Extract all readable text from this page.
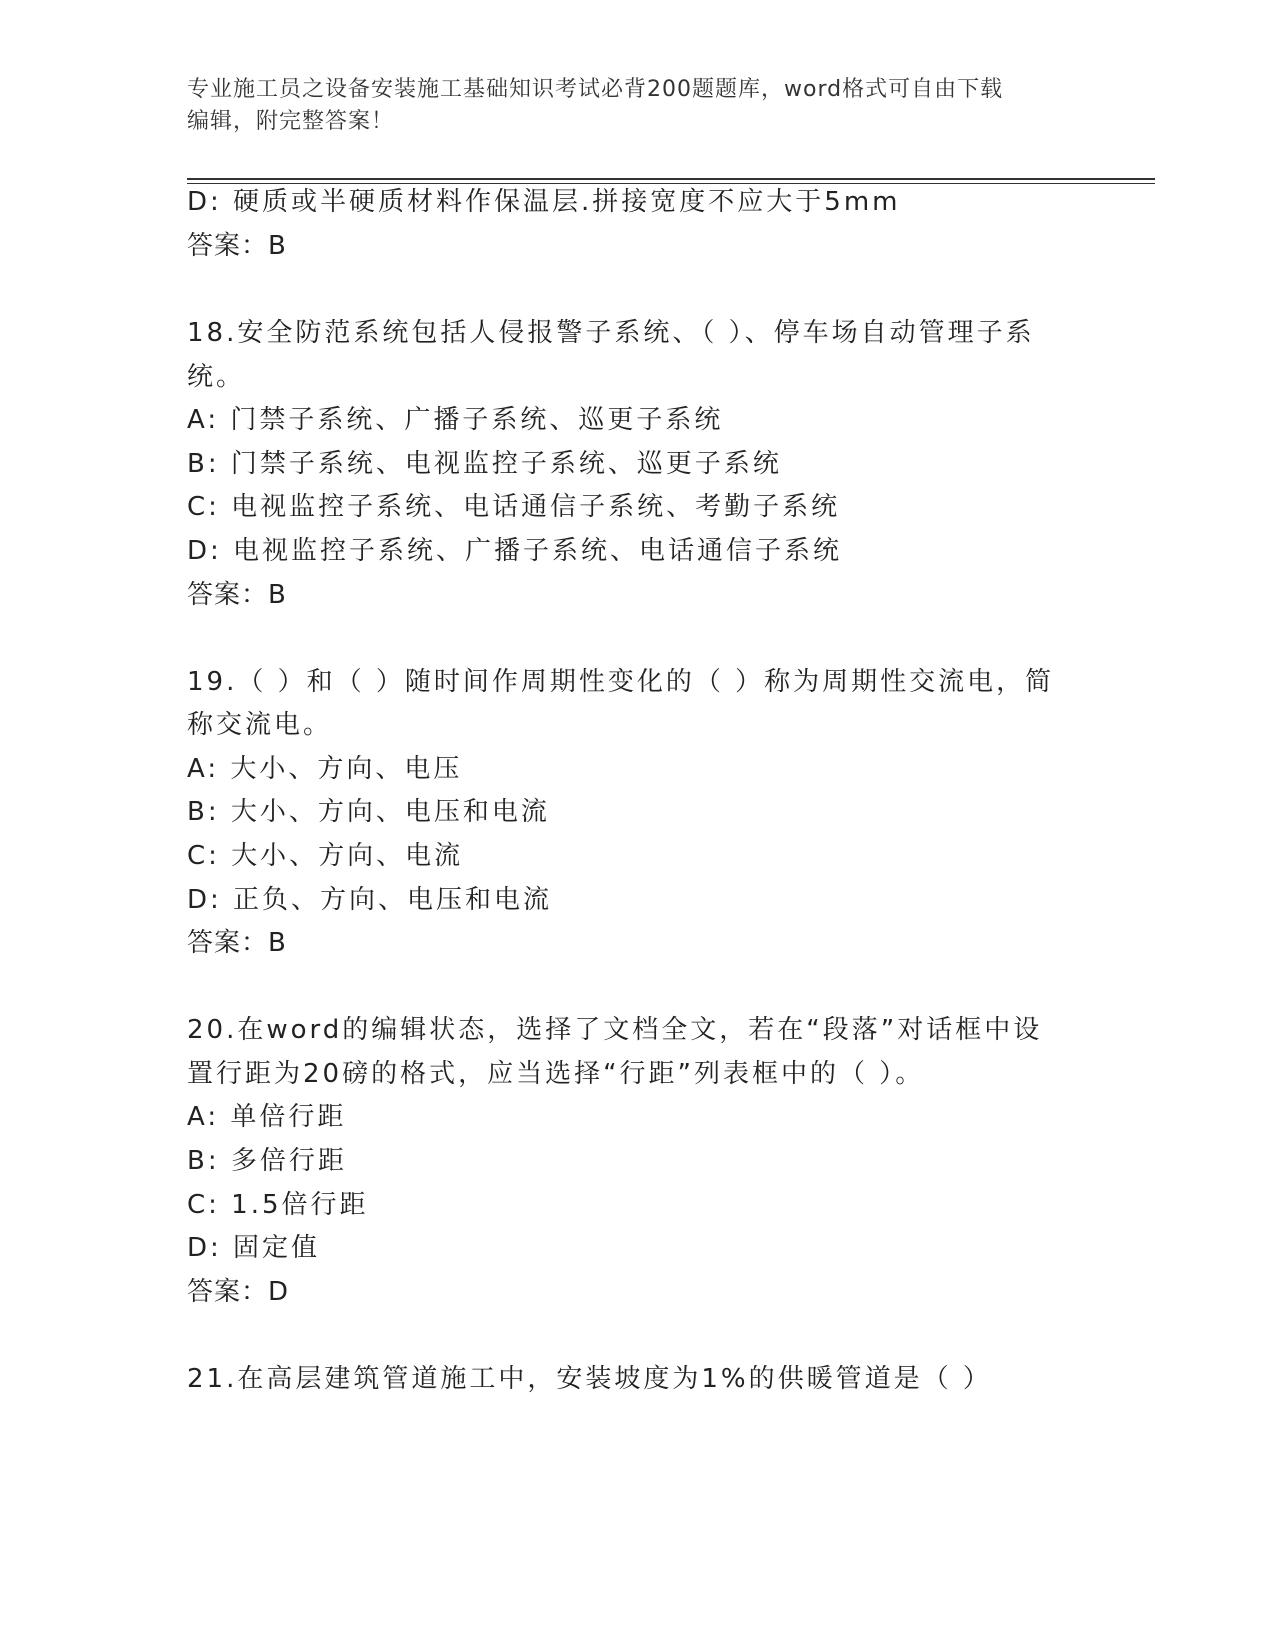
专业施工员之设备安装施工基础知识考试必背200题题库，word格式可自由下载
编辑，附完整答案！
D: 硬质或半硬质材料作保温层.拼接宽度不应大于5mm
答案：B
18.安全防范系统包括人侵报警子系统、（ ）、停车场自动管理子系
统。
A: 门禁子系统、广播子系统、巡更子系统
B: 门禁子系统、电视监控子系统、巡更子系统
C: 电视监控子系统、电话通信子系统、考勤子系统
D: 电视监控子系统、广播子系统、电话通信子系统
答案：B
19.（ ）和（ ）随时间作周期性变化的（ ）称为周期性交流电，简
称交流电。
A: 大小、方向、电压
B: 大小、方向、电压和电流
C: 大小、方向、电流
D: 正负、方向、电压和电流
答案：B
20.在word的编辑状态，选择了文档全文，若在“段落”对话框中设
置行距为20磅的格式，应当选择“行距”列表框中的（ ）。
A: 单倍行距
B: 多倍行距
C: 1.5倍行距
D: 固定值
答案：D
21.在高层建筑管道施工中，安装坡度为1%的供暖管道是（ ）
